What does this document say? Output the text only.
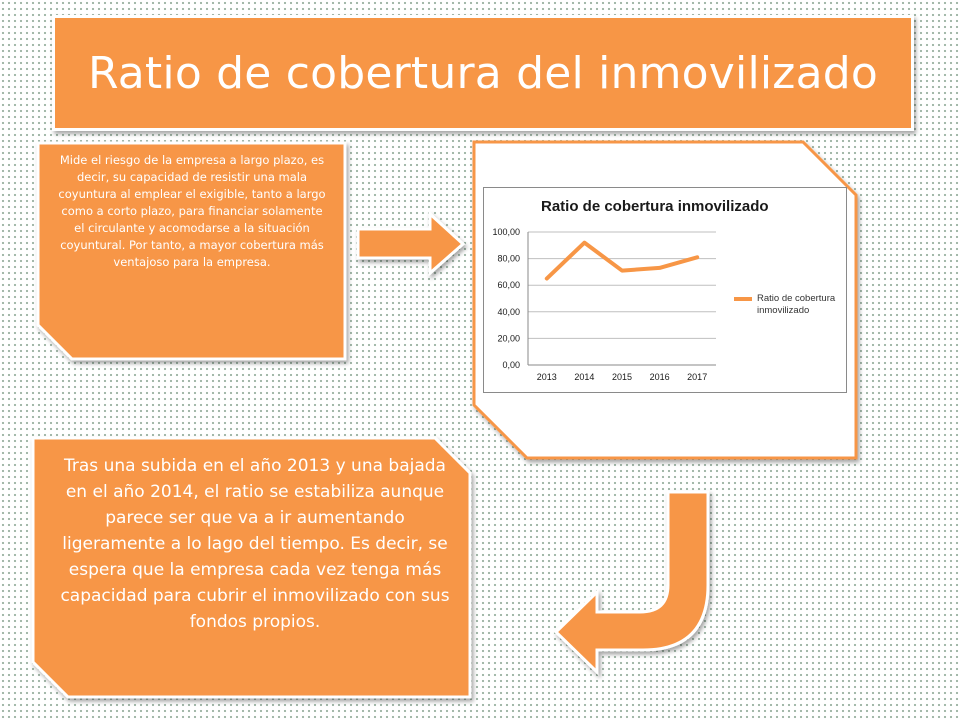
Ratio de cobertura del inmovilizado
Mide el riesgo de la empresa a largo plazo, es decir, su capacidad de resistir una mala coyuntura al emplear el exigible, tanto a largo como a corto plazo, para financiar solamente el circulante y acomodarse a la situación coyuntural. Por tanto, a mayor cobertura más ventajoso para la empresa.
Tras una subida en el año 2013 y una bajada en el año 2014, el ratio se estabiliza aunque parece ser que va a ir aumentando ligeramente a lo lago del tiempo. Es decir, se espera que la empresa cada vez tenga más capacidad para cubrir el inmovilizado con sus fondos propios.
Ratio de cobertura inmovilizado
0,00
20,00
40,00
60,00
80,00
100,00
2013 2014 2015 2016 2017
Ratio de cobertura inmovilizado
